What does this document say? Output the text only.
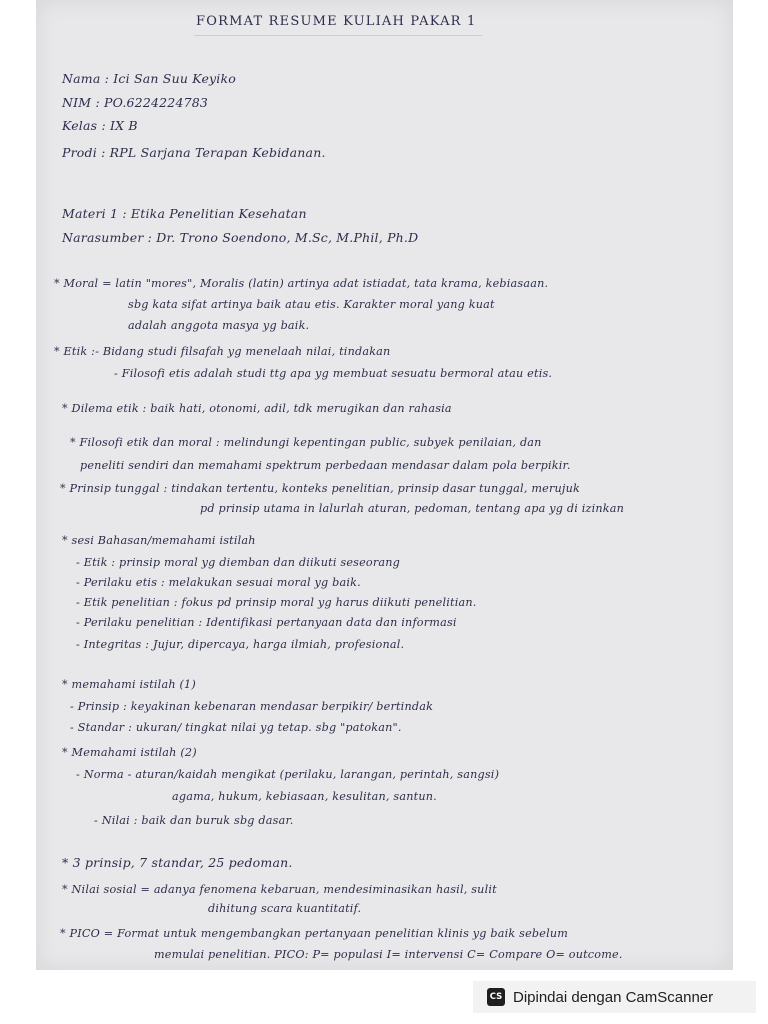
FORMAT RESUME KULIAH PAKAR 1
Nama : Ici San Suu Keyiko
NIM : PO.6224224783
Kelas : IX B
Prodi : RPL Sarjana Terapan Kebidanan.
Materi 1 : Etika Penelitian Kesehatan
Narasumber : Dr. Trono Soendono, M.Sc, M.Phil, Ph.D
* Moral = latin "mores", Moralis (latin) artinya adat istiadat, tata krama, kebiasaan.
sbg kata sifat artinya baik atau etis. Karakter moral yang kuat
adalah anggota masya yg baik.
* Etik :- Bidang studi filsafah yg menelaah nilai, tindakan
- Filosofi etis adalah studi ttg apa yg membuat sesuatu bermoral atau etis.
* Dilema etik : baik hati, otonomi, adil, tdk merugikan dan rahasia
* Filosofi etik dan moral : melindungi kepentingan public, subyek penilaian, dan
peneliti sendiri dan memahami spektrum perbedaan mendasar dalam pola berpikir.
* Prinsip tunggal : tindakan tertentu, konteks penelitian, prinsip dasar tunggal, merujuk
pd prinsip utama in lalurlah aturan, pedoman, tentang apa yg di izinkan
* sesi Bahasan/memahami istilah
- Etik : prinsip moral yg diemban dan diikuti seseorang
- Perilaku etis : melakukan sesuai moral yg baik.
- Etik penelitian : fokus pd prinsip moral yg harus diikuti penelitian.
- Perilaku penelitian : Identifikasi pertanyaan data dan informasi
- Integritas : Jujur, dipercaya, harga ilmiah, profesional.
* memahami istilah (1)
- Prinsip : keyakinan kebenaran mendasar berpikir/ bertindak
- Standar : ukuran/ tingkat nilai yg tetap. sbg "patokan".
* Memahami istilah (2)
- Norma - aturan/kaidah mengikat (perilaku, larangan, perintah, sangsi)
agama, hukum, kebiasaan, kesulitan, santun.
- Nilai : baik dan buruk sbg dasar.
* 3 prinsip, 7 standar, 25 pedoman.
* Nilai sosial = adanya fenomena kebaruan, mendesiminasikan hasil, sulit
dihitung scara kuantitatif.
* PICO = Format untuk mengembangkan pertanyaan penelitian klinis yg baik sebelum
memulai penelitian. PICO: P= populasi I= intervensi C= Compare O= outcome.
CS Dipindai dengan CamScanner
